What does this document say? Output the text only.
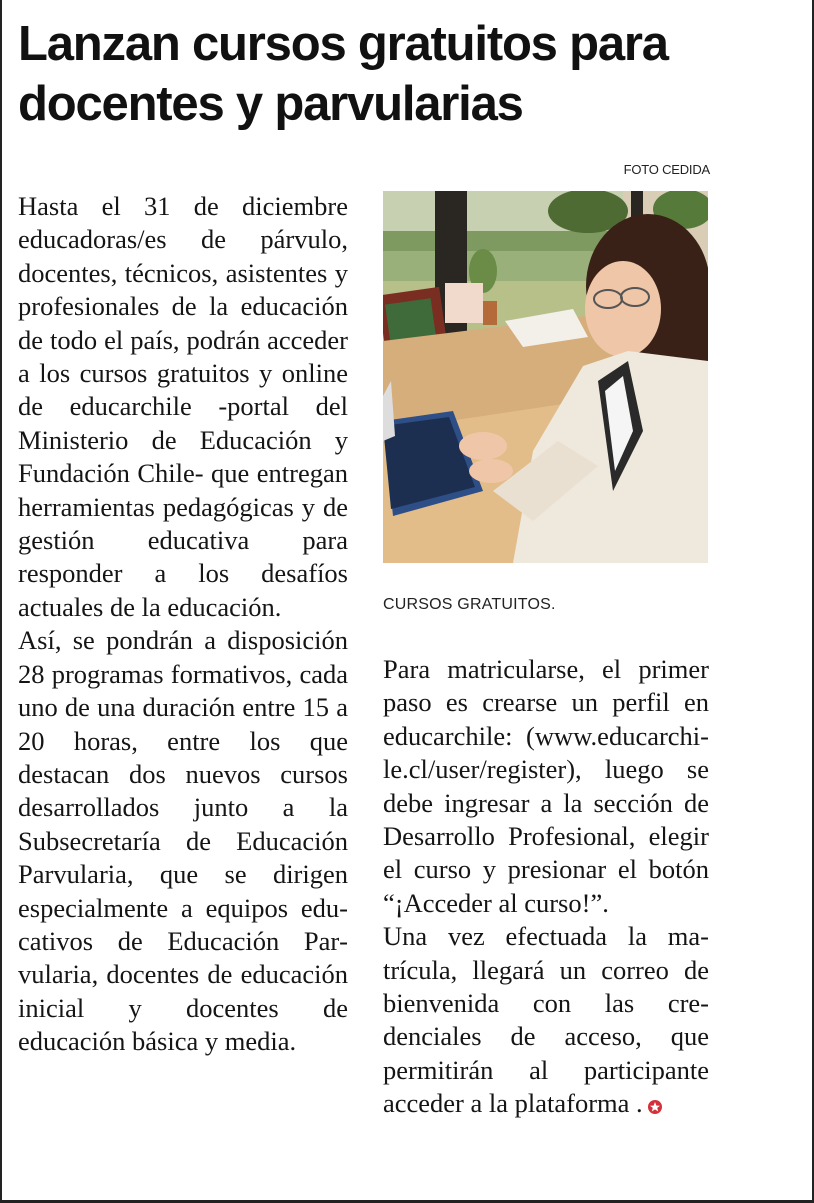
Lanzan cursos gratuitos para docentes y parvularias
FOTO CEDIDA

Hasta el 31 de diciembre educadoras/es de párvulo, docentes, técnicos, asistentes y profesionales de la educación de todo el país, podrán acceder a los cursos gratuitos y online de educarchile -portal del Ministerio de Educación y Fundación Chile- que entregan herramientas pedagógicas y de gestión educativa para responder a los desafíos actuales de la educación.

Así, se pondrán a disposición 28 programas formativos, cada uno de una duración entre 15 a 20 horas, entre los que destacan dos nuevos cursos desarrollados junto a la Subsecretaría de Educación Parvularia, que se dirigen especialmente a equipos educativos de Educación Parvularia, docentes de educación inicial y docentes de educación básica y media.

CURSOS GRATUITOS.

Para matricularse, el primer paso es crearse un perfil en educarchile: (www.educarchile.cl/user/register), luego se debe ingresar a la sección de Desarrollo Profesional, elegir el curso y presionar el botón “¡Acceder al curso!”.

Una vez efectuada la matrícula, llegará un correo de bienvenida con las credenciales de acceso, que permitirán al participante acceder a la plataforma .
